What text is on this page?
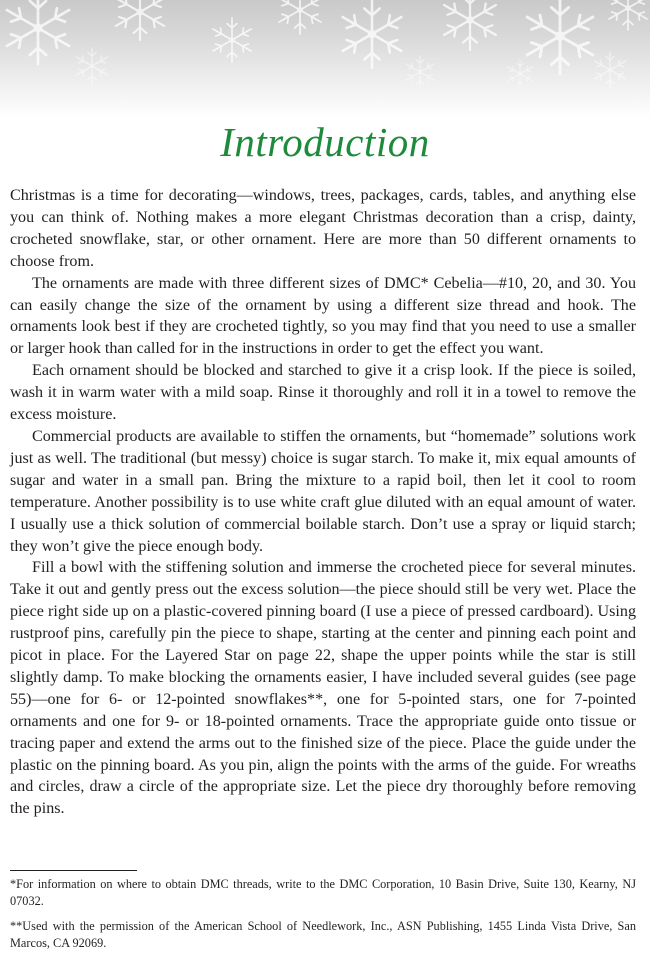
Introduction

Christmas is a time for decorating—windows, trees, packages, cards, tables, and anything else you can think of. Nothing makes a more elegant Christmas decoration than a crisp, dainty, crocheted snowflake, star, or other ornament. Here are more than 50 different ornaments to choose from.

The ornaments are made with three different sizes of DMC* Cebelia—#10, 20, and 30. You can easily change the size of the ornament by using a different size thread and hook. The ornaments look best if they are crocheted tightly, so you may find that you need to use a smaller or larger hook than called for in the instructions in order to get the effect you want.

Each ornament should be blocked and starched to give it a crisp look. If the piece is soiled, wash it in warm water with a mild soap. Rinse it thoroughly and roll it in a towel to remove the excess moisture.

Commercial products are available to stiffen the ornaments, but “homemade” solutions work just as well. The traditional (but messy) choice is sugar starch. To make it, mix equal amounts of sugar and water in a small pan. Bring the mixture to a rapid boil, then let it cool to room temperature. Another possibility is to use white craft glue diluted with an equal amount of water. I usually use a thick solution of commercial boilable starch. Don’t use a spray or liquid starch; they won’t give the piece enough body.

Fill a bowl with the stiffening solution and immerse the crocheted piece for several minutes. Take it out and gently press out the excess solution—the piece should still be very wet. Place the piece right side up on a plastic-covered pinning board (I use a piece of pressed cardboard). Using rustproof pins, carefully pin the piece to shape, starting at the center and pinning each point and picot in place. For the Layered Star on page 22, shape the upper points while the star is still slightly damp. To make blocking the ornaments easier, I have included several guides (see page 55)—one for 6- or 12-pointed snowflakes**, one for 5-pointed stars, one for 7-pointed ornaments and one for 9- or 18-pointed ornaments. Trace the appropriate guide onto tissue or tracing paper and extend the arms out to the finished size of the piece. Place the guide under the plastic on the pinning board. As you pin, align the points with the arms of the guide. For wreaths and circles, draw a circle of the appropriate size. Let the piece dry thoroughly before removing the pins.

*For information on where to obtain DMC threads, write to the DMC Corporation, 10 Basin Drive, Suite 130, Kearny, NJ 07032.

**Used with the permission of the American School of Needlework, Inc., ASN Publishing, 1455 Linda Vista Drive, San Marcos, CA 92069.
